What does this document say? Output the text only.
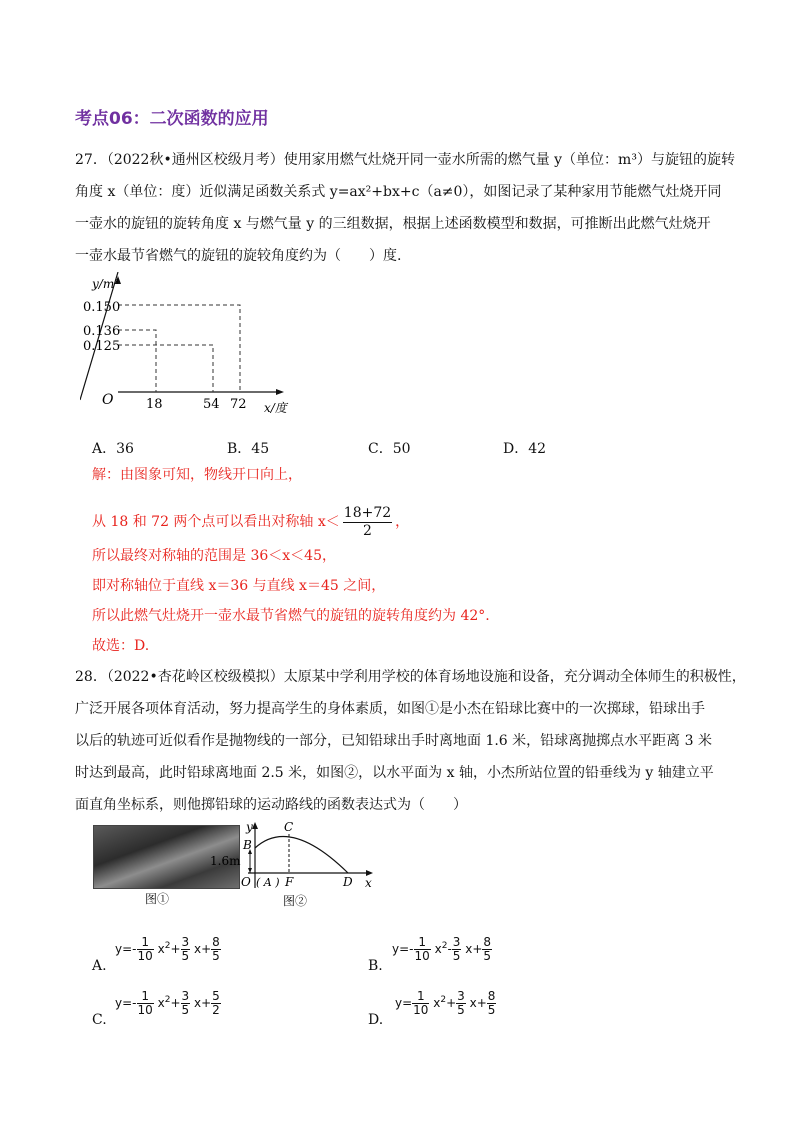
考点06：二次函数的应用
27．（2022秋•通州区校级月考）使用家用燃气灶烧开同一壶水所需的燃气量 y（单位：m³）与旋钮的旋转
角度 x（单位：度）近似满足函数关系式 y=ax²+bx+c（a≠0），如图记录了某种家用节能燃气灶烧开同
一壶水的旋钮的旋转角度 x 与燃气量 y 的三组数据，根据上述函数模型和数据，可推断出此燃气灶烧开
一壶水最节省燃气的旋钮的旋较角度约为（　　）度.
y/m³
0.150
0.136
0.125
O	18	54 72 x/度
A．36	B．45	C．50	D．42
解：由图象可知，物线开口向上，
从 18 和 72 两个点可以看出对称轴 $x< \frac{18+72}{2}$ ，
所以最终对称轴的范围是 36＜x＜45，
即对称轴位于直线 x＝36 与直线 x＝45 之间，
所以此燃气灶烧开一壶水最节省燃气的旋钮的旋转角度约为 42°.
故选：D.
28．（2022•杏花岭区校级模拟）太原某中学利用学校的体育场地设施和设备，充分调动全体师生的积极性，
广泛开展各项体育活动，努力提高学生的身体素质，如图①是小杰在铅球比赛中的一次掷球，铅球出手
以后的轨迹可近似看作是抛物线的一部分，已知铅球出手时离地面 1.6 米，铅球离抛掷点水平距离 3 米
时达到最高，此时铅球离地面 2.5 米，如图②，以水平面为 x 轴，小杰所站位置的铅垂线为 y 轴建立平
面直角坐标系，则他掷铅球的运动路线的函数表达式为（　　）
图①
y
B
C
1.6m
O ( A ) F	D x
图②
A.
$y=- \frac{1}{10} x^2+ \frac{3}{5} x+ \frac{8}{5}$
B.
$y=- \frac{1}{10} x^2- \frac{3}{5} x+ \frac{8}{5}$
C.
$y=- \frac{1}{10} x^2+ \frac{3}{5} x+ \frac{5}{2}$
D.
$y= \frac{1}{10} x^2+ \frac{3}{5} x+ \frac{8}{5}$
